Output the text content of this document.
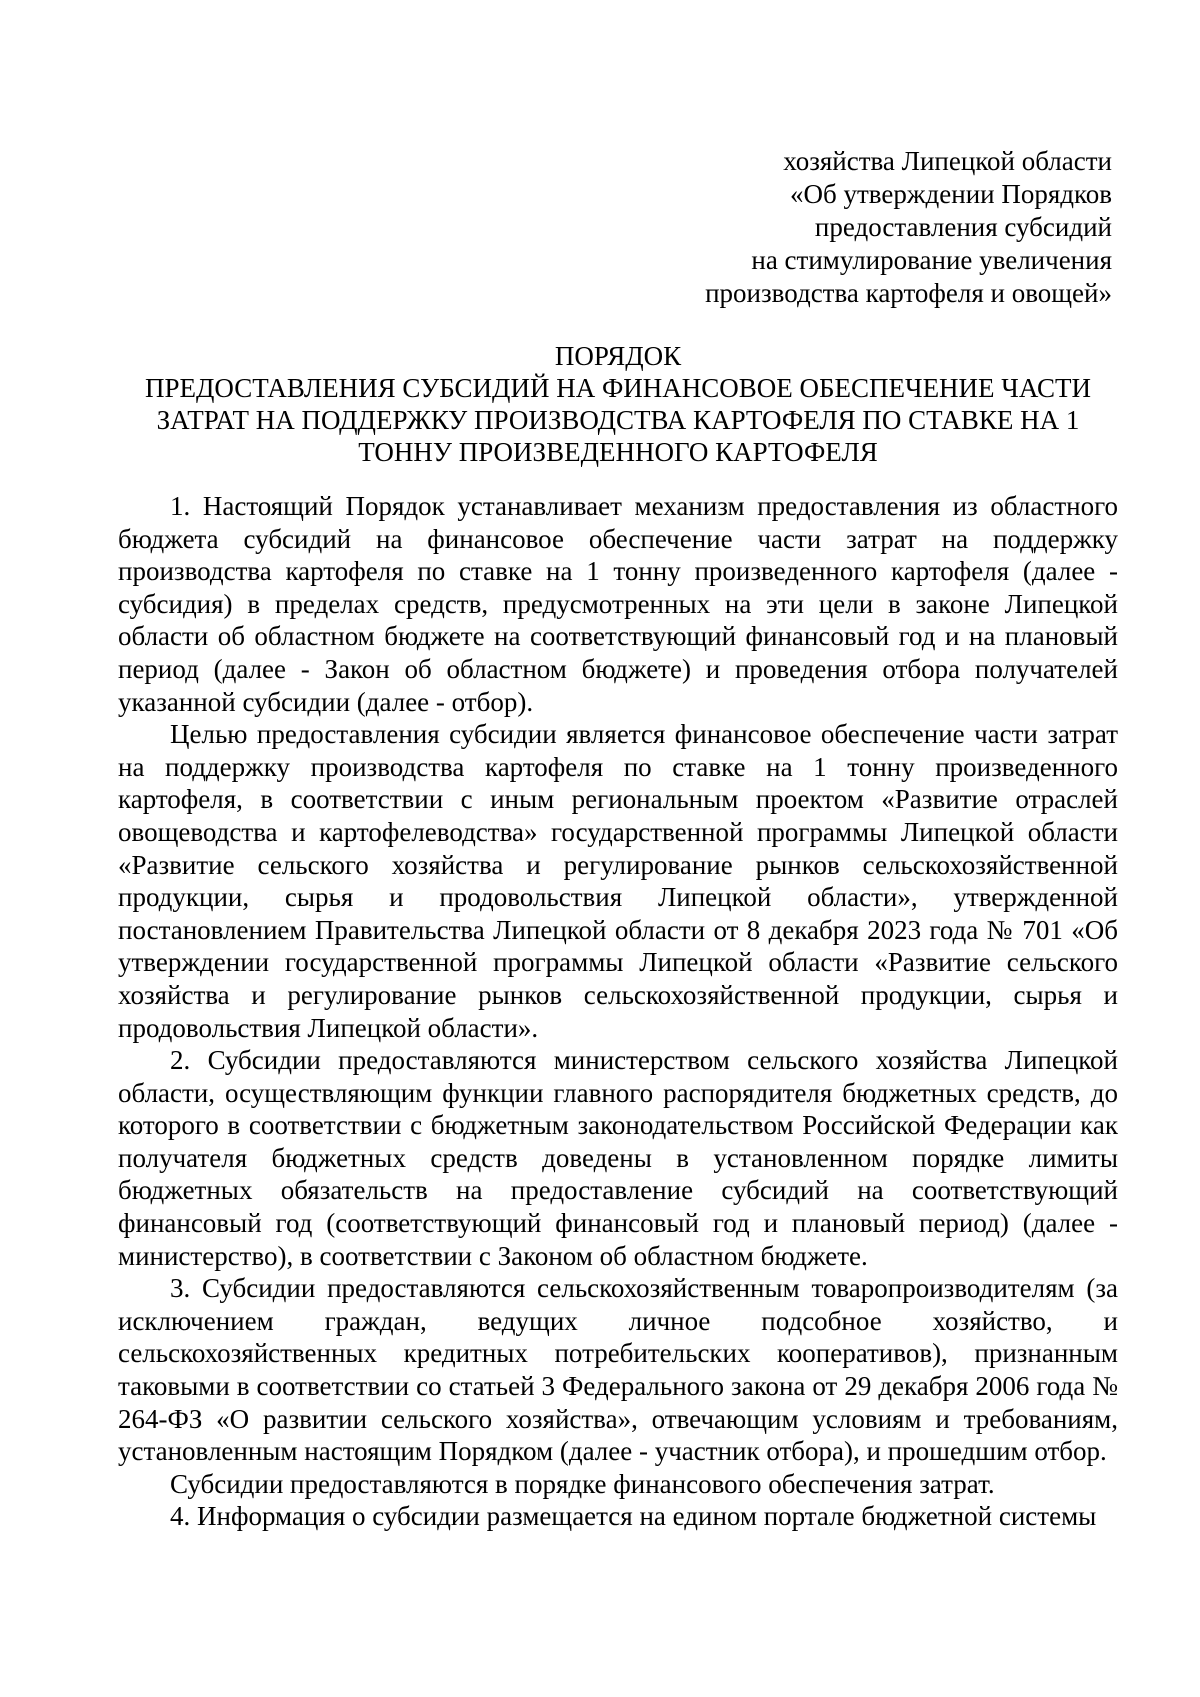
хозяйства Липецкой области
«Об утверждении Порядков
предоставления субсидий
на стимулирование увеличения
производства картофеля и овощей»
ПОРЯДОК
ПРЕДОСТАВЛЕНИЯ СУБСИДИЙ НА ФИНАНСОВОЕ ОБЕСПЕЧЕНИЕ ЧАСТИ
ЗАТРАТ НА ПОДДЕРЖКУ ПРОИЗВОДСТВА КАРТОФЕЛЯ ПО СТАВКЕ НА 1
ТОННУ ПРОИЗВЕДЕННОГО КАРТОФЕЛЯ

1. Настоящий Порядок устанавливает механизм предоставления из областного бюджета субсидий на финансовое обеспечение части затрат на поддержку производства картофеля по ставке на 1 тонну произведенного картофеля (далее - субсидия) в пределах средств, предусмотренных на эти цели в законе Липецкой области об областном бюджете на соответствующий финансовый год и на плановый период (далее - Закон об областном бюджете) и проведения отбора получателей указанной субсидии (далее - отбор).

Целью предоставления субсидии является финансовое обеспечение части затрат на поддержку производства картофеля по ставке на 1 тонну произведенного картофеля, в соответствии с иным региональным проектом «Развитие отраслей овощеводства и картофелеводства» государственной программы Липецкой области «Развитие сельского хозяйства и регулирование рынков сельскохозяйственной продукции, сырья и продовольствия Липецкой области», утвержденной постановлением Правительства Липецкой области от 8 декабря 2023 года № 701 «Об утверждении государственной программы Липецкой области «Развитие сельского хозяйства и регулирование рынков сельскохозяйственной продукции, сырья и продовольствия Липецкой области».

2. Субсидии предоставляются министерством сельского хозяйства Липецкой области, осуществляющим функции главного распорядителя бюджетных средств, до которого в соответствии с бюджетным законодательством Российской Федерации как получателя бюджетных средств доведены в установленном порядке лимиты бюджетных обязательств на предоставление субсидий на соответствующий финансовый год (соответствующий финансовый год и плановый период) (далее - министерство), в соответствии с Законом об областном бюджете.

3. Субсидии предоставляются сельскохозяйственным товаропроизводителям (за исключением граждан, ведущих личное подсобное хозяйство, и сельскохозяйственных кредитных потребительских кооперативов), признанным таковыми в соответствии со статьей 3 Федерального закона от 29 декабря 2006 года № 264-ФЗ «О развитии сельского хозяйства», отвечающим условиям и требованиям, установленным настоящим Порядком (далее - участник отбора), и прошедшим отбор.

Субсидии предоставляются в порядке финансового обеспечения затрат.

4. Информация о субсидии размещается на едином портале бюджетной системы
